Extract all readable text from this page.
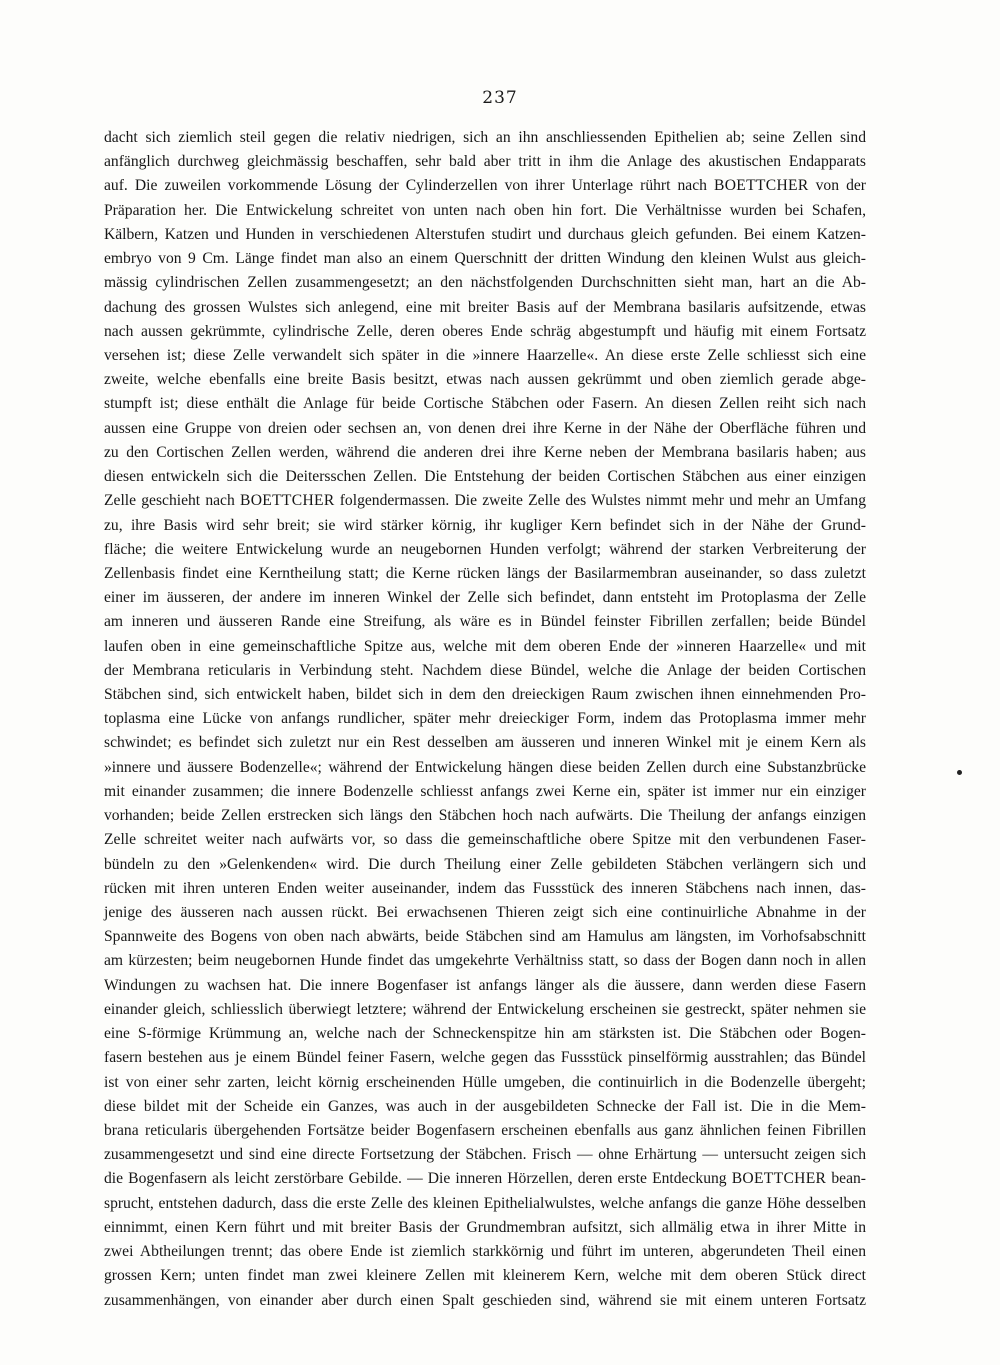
237
dacht sich ziemlich steil gegen die relativ niedrigen, sich an ihn anschliessenden Epithelien ab; seine Zellen sind
anfänglich durchweg gleichmässig beschaffen, sehr bald aber tritt in ihm die Anlage des akustischen Endapparats
auf. Die zuweilen vorkommende Lösung der Cylinderzellen von ihrer Unterlage rührt nach BOETTCHER von der
Präparation her. Die Entwickelung schreitet von unten nach oben hin fort. Die Verhältnisse wurden bei Schafen,
Kälbern, Katzen und Hunden in verschiedenen Alterstufen studirt und durchaus gleich gefunden. Bei einem Katzen-
embryo von 9 Cm. Länge findet man also an einem Querschnitt der dritten Windung den kleinen Wulst aus gleich-
mässig cylindrischen Zellen zusammengesetzt; an den nächstfolgenden Durchschnitten sieht man, hart an die Ab-
dachung des grossen Wulstes sich anlegend, eine mit breiter Basis auf der Membrana basilaris aufsitzende, etwas
nach aussen gekrümmte, cylindrische Zelle, deren oberes Ende schräg abgestumpft und häufig mit einem Fortsatz
versehen ist; diese Zelle verwandelt sich später in die »innere Haarzelle«. An diese erste Zelle schliesst sich eine
zweite, welche ebenfalls eine breite Basis besitzt, etwas nach aussen gekrümmt und oben ziemlich gerade abge-
stumpft ist; diese enthält die Anlage für beide Cortische Stäbchen oder Fasern. An diesen Zellen reiht sich nach
aussen eine Gruppe von dreien oder sechsen an, von denen drei ihre Kerne in der Nähe der Oberfläche führen und
zu den Cortischen Zellen werden, während die anderen drei ihre Kerne neben der Membrana basilaris haben; aus
diesen entwickeln sich die Deitersschen Zellen. Die Entstehung der beiden Cortischen Stäbchen aus einer einzigen
Zelle geschieht nach BOETTCHER folgendermassen. Die zweite Zelle des Wulstes nimmt mehr und mehr an Umfang
zu, ihre Basis wird sehr breit; sie wird stärker körnig, ihr kugliger Kern befindet sich in der Nähe der Grund-
fläche; die weitere Entwickelung wurde an neugebornen Hunden verfolgt; während der starken Verbreiterung der
Zellenbasis findet eine Kerntheilung statt; die Kerne rücken längs der Basilarmembran auseinander, so dass zuletzt
einer im äusseren, der andere im inneren Winkel der Zelle sich befindet, dann entsteht im Protoplasma der Zelle
am inneren und äusseren Rande eine Streifung, als wäre es in Bündel feinster Fibrillen zerfallen; beide Bündel
laufen oben in eine gemeinschaftliche Spitze aus, welche mit dem oberen Ende der »inneren Haarzelle« und mit
der Membrana reticularis in Verbindung steht. Nachdem diese Bündel, welche die Anlage der beiden Cortischen
Stäbchen sind, sich entwickelt haben, bildet sich in dem den dreieckigen Raum zwischen ihnen einnehmenden Pro-
toplasma eine Lücke von anfangs rundlicher, später mehr dreieckiger Form, indem das Protoplasma immer mehr
schwindet; es befindet sich zuletzt nur ein Rest desselben am äusseren und inneren Winkel mit je einem Kern als
»innere und äussere Bodenzelle«; während der Entwickelung hängen diese beiden Zellen durch eine Substanzbrücke
mit einander zusammen; die innere Bodenzelle schliesst anfangs zwei Kerne ein, später ist immer nur ein einziger
vorhanden; beide Zellen erstrecken sich längs den Stäbchen hoch nach aufwärts. Die Theilung der anfangs einzigen
Zelle schreitet weiter nach aufwärts vor, so dass die gemeinschaftliche obere Spitze mit den verbundenen Faser-
bündeln zu den »Gelenkenden« wird. Die durch Theilung einer Zelle gebildeten Stäbchen verlängern sich und
rücken mit ihren unteren Enden weiter auseinander, indem das Fussstück des inneren Stäbchens nach innen, das-
jenige des äusseren nach aussen rückt. Bei erwachsenen Thieren zeigt sich eine continuirliche Abnahme in der
Spannweite des Bogens von oben nach abwärts, beide Stäbchen sind am Hamulus am längsten, im Vorhofsabschnitt
am kürzesten; beim neugebornen Hunde findet das umgekehrte Verhältniss statt, so dass der Bogen dann noch in allen
Windungen zu wachsen hat. Die innere Bogenfaser ist anfangs länger als die äussere, dann werden diese Fasern
einander gleich, schliesslich überwiegt letztere; während der Entwickelung erscheinen sie gestreckt, später nehmen sie
eine S-förmige Krümmung an, welche nach der Schneckenspitze hin am stärksten ist. Die Stäbchen oder Bogen-
fasern bestehen aus je einem Bündel feiner Fasern, welche gegen das Fussstück pinselförmig ausstrahlen; das Bündel
ist von einer sehr zarten, leicht körnig erscheinenden Hülle umgeben, die continuirlich in die Bodenzelle übergeht;
diese bildet mit der Scheide ein Ganzes, was auch in der ausgebildeten Schnecke der Fall ist. Die in die Mem-
brana reticularis übergehenden Fortsätze beider Bogenfasern erscheinen ebenfalls aus ganz ähnlichen feinen Fibrillen
zusammengesetzt und sind eine directe Fortsetzung der Stäbchen. Frisch — ohne Erhärtung — untersucht zeigen sich
die Bogenfasern als leicht zerstörbare Gebilde. — Die inneren Hörzellen, deren erste Entdeckung BOETTCHER bean-
sprucht, entstehen dadurch, dass die erste Zelle des kleinen Epithelialwulstes, welche anfangs die ganze Höhe desselben
einnimmt, einen Kern führt und mit breiter Basis der Grundmembran aufsitzt, sich allmälig etwa in ihrer Mitte in
zwei Abtheilungen trennt; das obere Ende ist ziemlich starkkörnig und führt im unteren, abgerundeten Theil einen
grossen Kern; unten findet man zwei kleinere Zellen mit kleinerem Kern, welche mit dem oberen Stück direct
zusammenhängen, von einander aber durch einen Spalt geschieden sind, während sie mit einem unteren Fortsatz
